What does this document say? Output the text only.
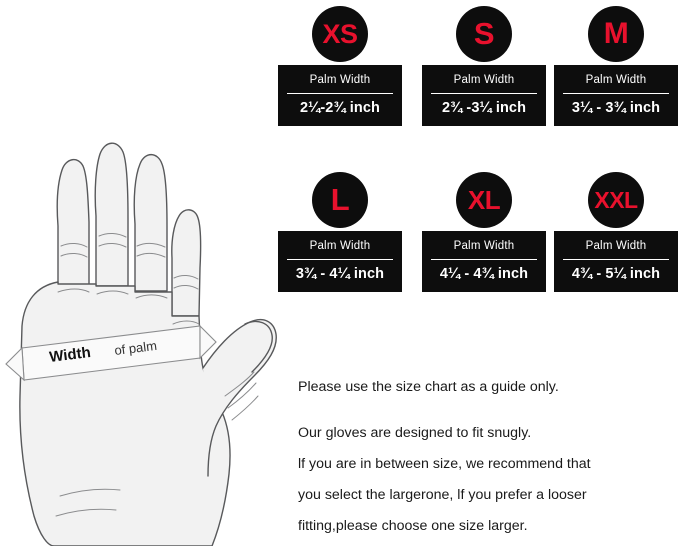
Width of palm
XS
Palm Width
2¼-2¾ inch
S
Palm Width
2¾ -3¼ inch
M
Palm Width
3¼ - 3¾ inch
L
Palm Width
3¾ - 4¼ inch
XL
Palm Width
4¼ - 4¾ inch
XXL
Palm Width
4¾ - 5¼ inch
Please use the size chart as a guide only.
Our gloves are designed to fit snugly.
lf you are in between size, we recommend that
you select the largerone, lf you prefer a looser
fitting,please choose one size larger.
